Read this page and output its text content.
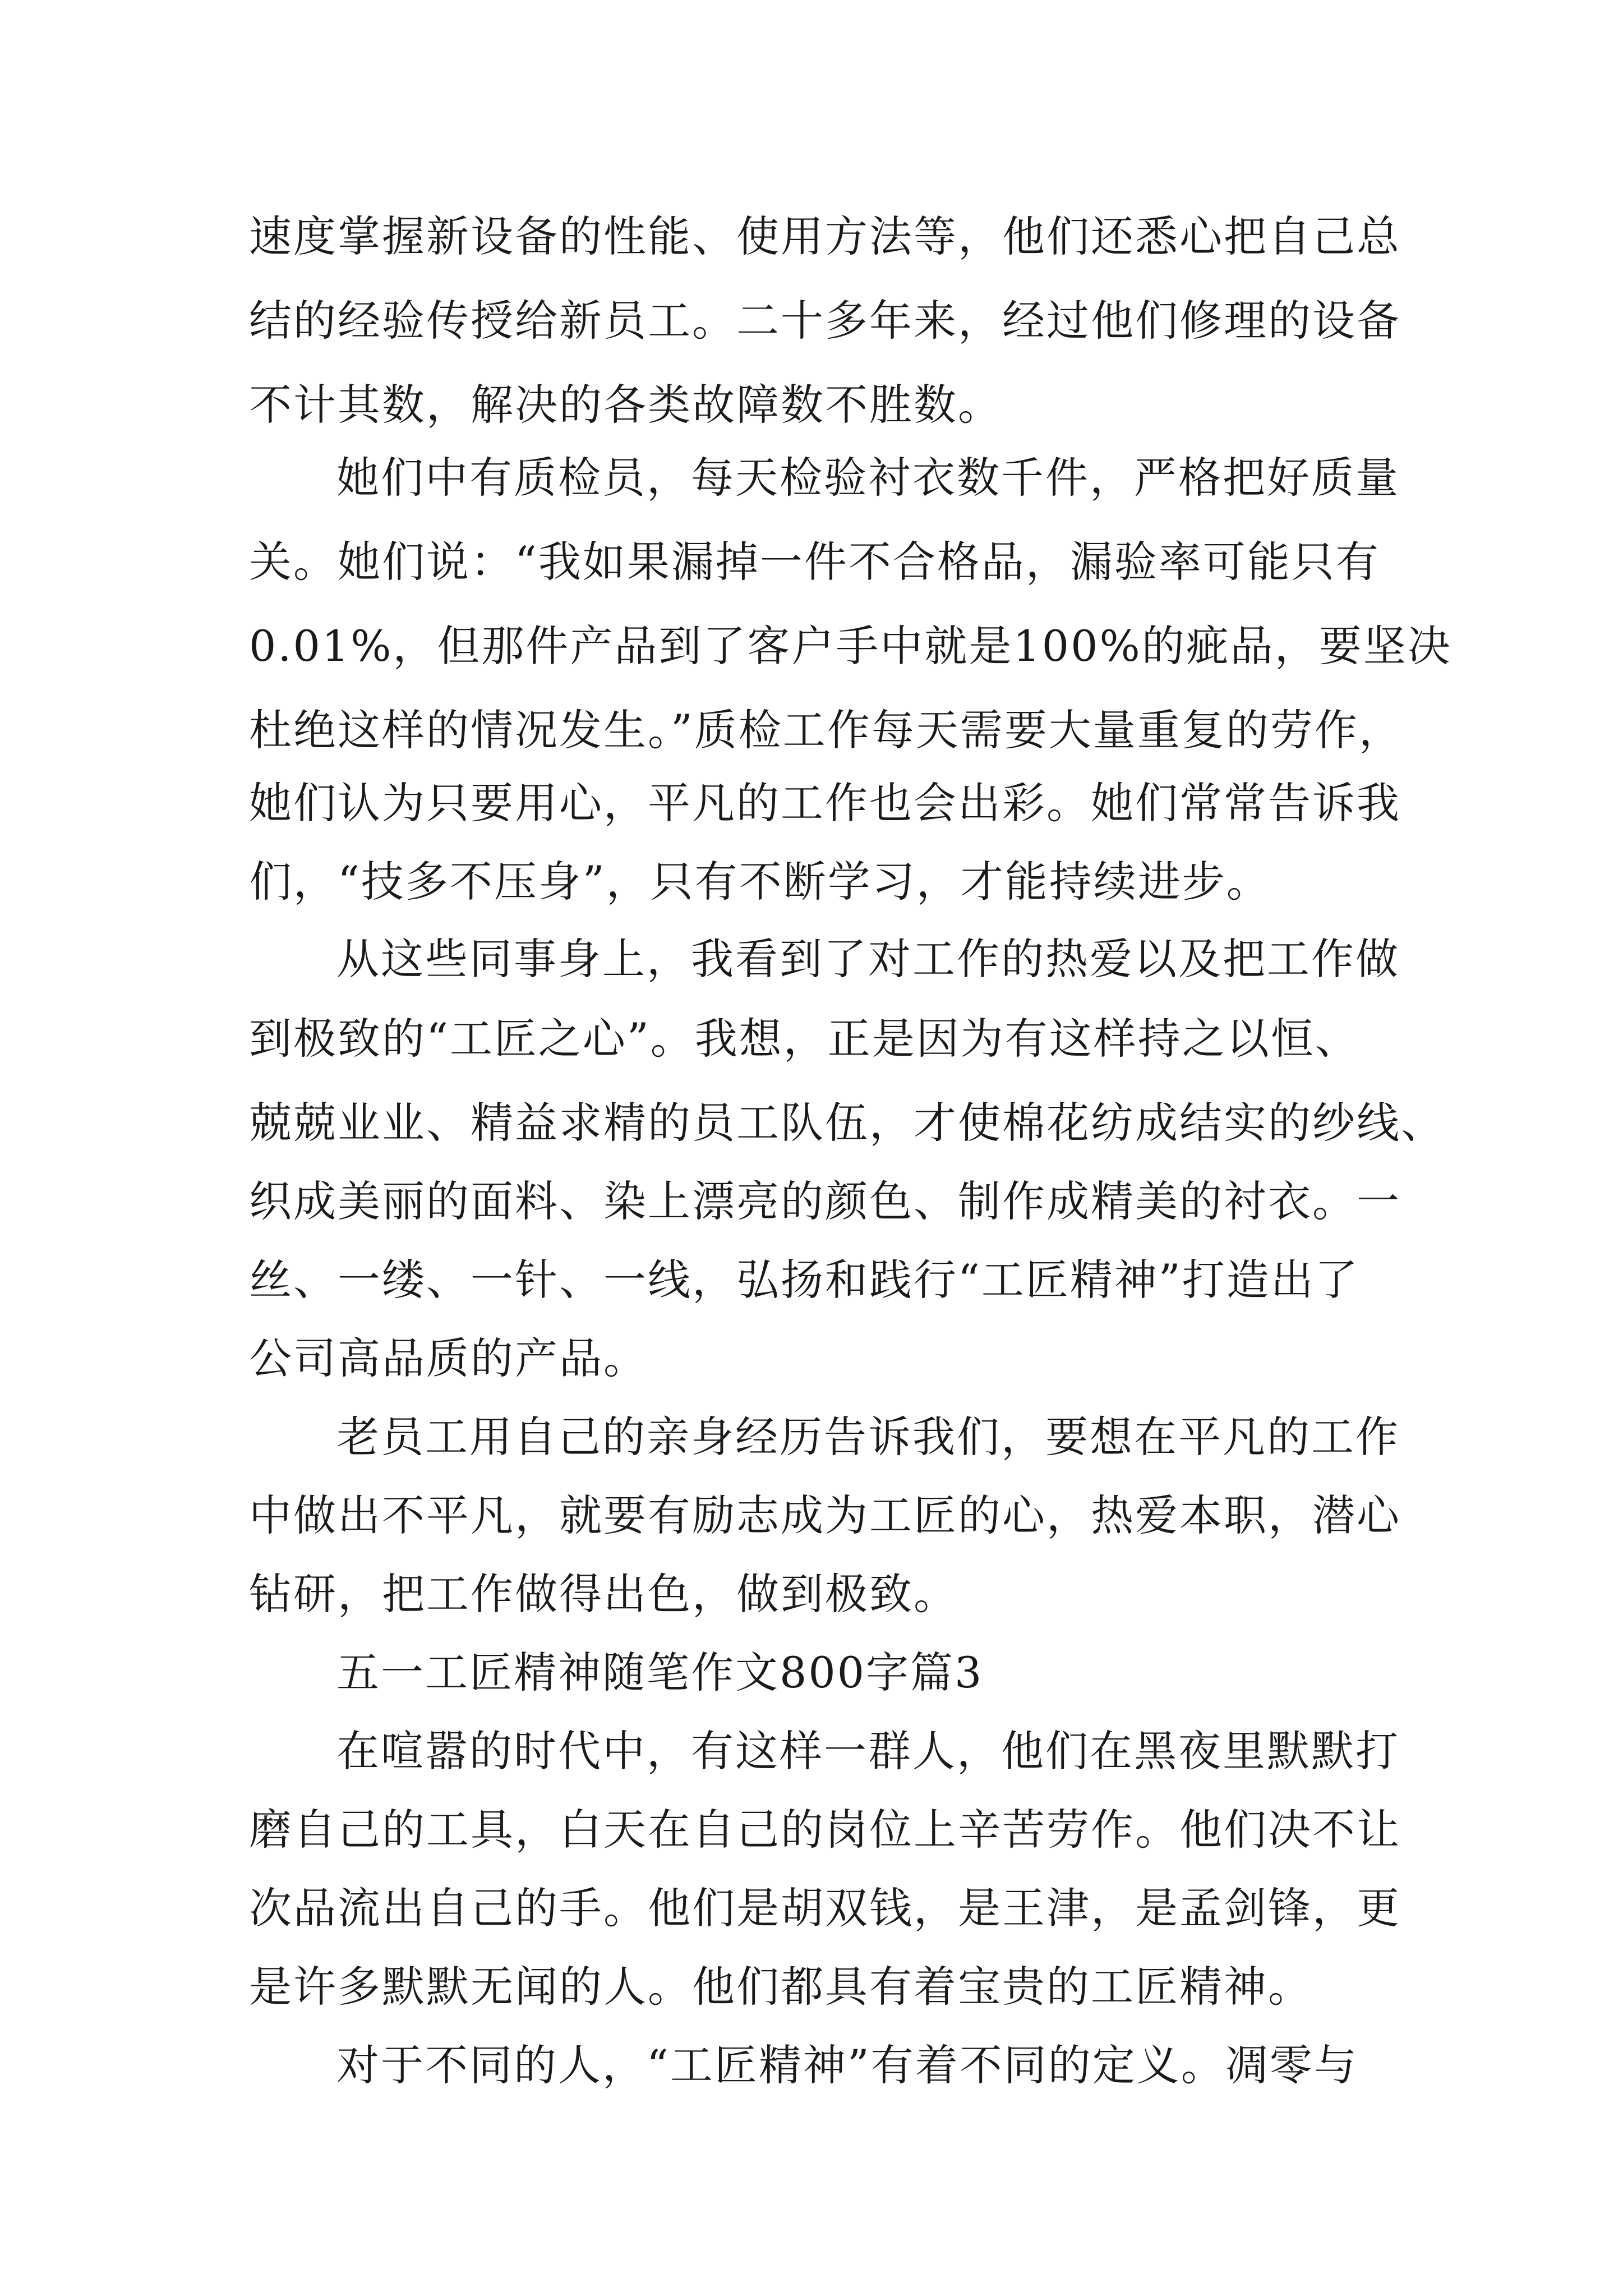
速度掌握新设备的性能、使用方法等，他们还悉心把自己总
结的经验传授给新员工。二十多年来，经过他们修理的设备
不计其数，解决的各类故障数不胜数。
她们中有质检员，每天检验衬衣数千件，严格把好质量
关。她们说：“我如果漏掉一件不合格品，漏验率可能只有
0.01%，但那件产品到了客户手中就是100%的疵品，要坚决
杜绝这样的情况发生。”质检工作每天需要大量重复的劳作，
她们认为只要用心，平凡的工作也会出彩。她们常常告诉我
们，“技多不压身”，只有不断学习，才能持续进步。
从这些同事身上，我看到了对工作的热爱以及把工作做
到极致的“工匠之心”。我想，正是因为有这样持之以恒、
兢兢业业、精益求精的员工队伍，才使棉花纺成结实的纱线、
织成美丽的面料、染上漂亮的颜色、制作成精美的衬衣。一
丝、一缕、一针、一线，弘扬和践行“工匠精神”打造出了
公司高品质的产品。
老员工用自己的亲身经历告诉我们，要想在平凡的工作
中做出不平凡，就要有励志成为工匠的心，热爱本职，潜心
钻研，把工作做得出色，做到极致。
五一工匠精神随笔作文800字篇3
在喧嚣的时代中，有这样一群人，他们在黑夜里默默打
磨自己的工具，白天在自己的岗位上辛苦劳作。他们决不让
次品流出自己的手。他们是胡双钱，是王津，是孟剑锋，更
是许多默默无闻的人。他们都具有着宝贵的工匠精神。
对于不同的人，“工匠精神”有着不同的定义。凋零与
